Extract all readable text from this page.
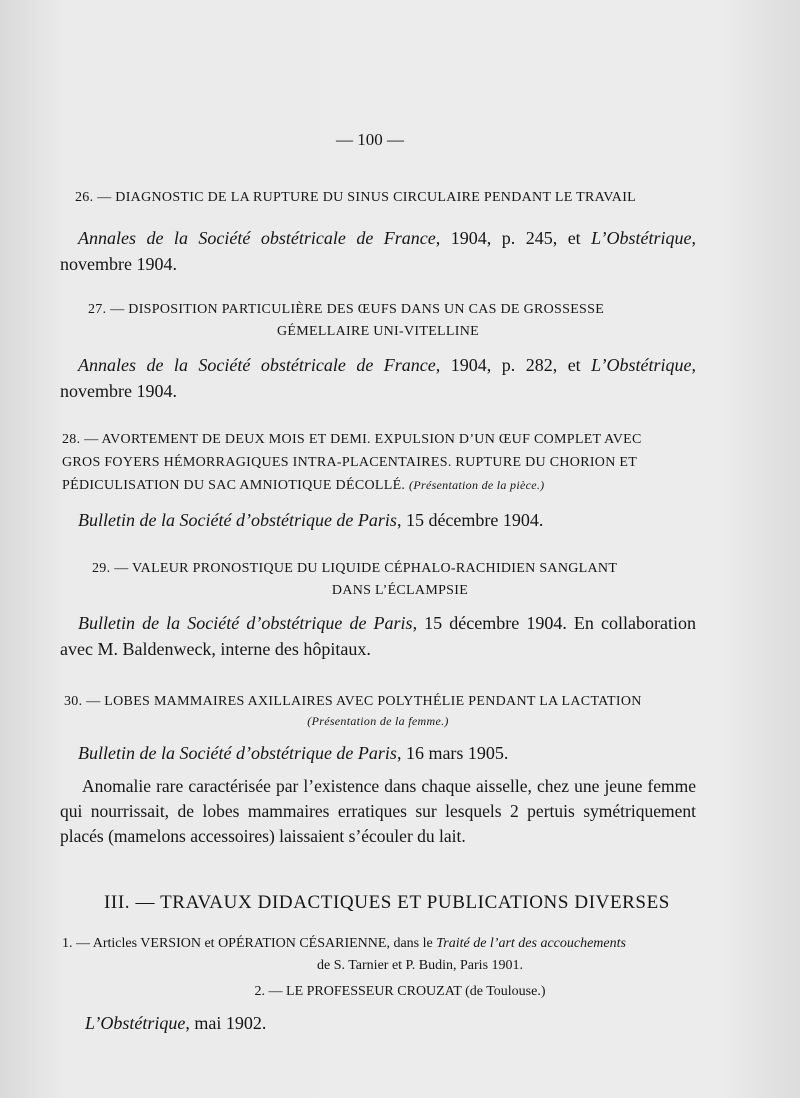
— 100 —
26. — DIAGNOSTIC DE LA RUPTURE DU SINUS CIRCULAIRE PENDANT LE TRAVAIL
Annales de la Société obstétricale de France, 1904, p. 245, et L’Obstétrique, novembre 1904.
27. — DISPOSITION PARTICULIÈRE DES ŒUFS DANS UN CAS DE GROSSESSE
GÉMELLAIRE UNI-VITELLINE
Annales de la Société obstétricale de France, 1904, p. 282, et L’Obstétrique, novembre 1904.
28. — AVORTEMENT DE DEUX MOIS ET DEMI. EXPULSION D’UN ŒUF COMPLET AVEC
GROS FOYERS HÉMORRAGIQUES INTRA-PLACENTAIRES. RUPTURE DU CHORION ET
PÉDICULISATION DU SAC AMNIOTIQUE DÉCOLLÉ. (Présentation de la pièce.)
Bulletin de la Société d’obstétrique de Paris, 15 décembre 1904.
29. — VALEUR PRONOSTIQUE DU LIQUIDE CÉPHALO-RACHIDIEN SANGLANT
DANS L’ÉCLAMPSIE
Bulletin de la Société d’obstétrique de Paris, 15 décembre 1904. En collaboration avec M. Baldenweck, interne des hôpitaux.
30. — LOBES MAMMAIRES AXILLAIRES AVEC POLYTHÉLIE PENDANT LA LACTATION
(Présentation de la femme.)
Bulletin de la Société d’obstétrique de Paris, 16 mars 1905.
Anomalie rare caractérisée par l’existence dans chaque aisselle, chez une jeune femme qui nourrissait, de lobes mammaires erratiques sur lesquels 2 pertuis symétriquement placés (mamelons accessoires) laissaient s’écouler du lait.
III. — TRAVAUX DIDACTIQUES ET PUBLICATIONS DIVERSES
1. — Articles VERSION et OPÉRATION CÉSARIENNE, dans le Traité de l’art des accouchements
de S. Tarnier et P. Budin, Paris 1901.
2. — LE PROFESSEUR CROUZAT (de Toulouse.)
L’Obstétrique, mai 1902.
